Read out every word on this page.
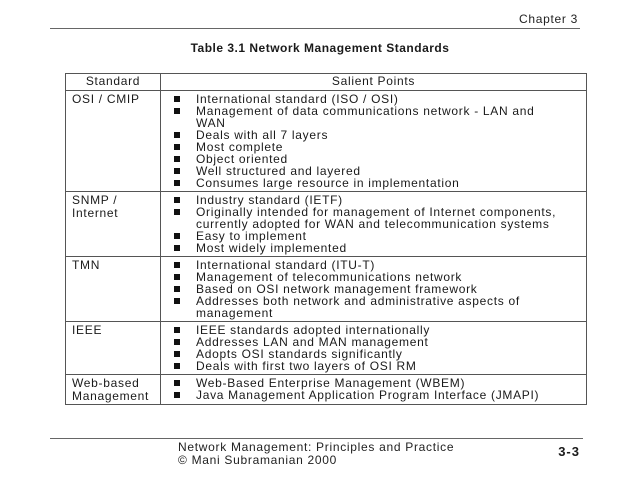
Chapter 3
Table 3.1 Network Management Standards
Standard	Salient Points
OSI / CMIP	International standard (ISO / OSI)
Management of data communications network - LAN and WAN
Deals with all 7 layers
Most complete
Object oriented
Well structured and layered
Consumes large resource in implementation

SNMP / Internet	Industry standard (IETF)
Originally intended for management of Internet components, currently adopted for WAN and telecommunication systems
Easy to implement
Most widely implemented

TMN	International standard (ITU-T)
Management of telecommunications network
Based on OSI network management framework
Addresses both network and administrative aspects of management

IEEE	IEEE standards adopted internationally
Addresses LAN and MAN management
Adopts OSI standards significantly
Deals with first two layers of OSI RM

Web-based Management	Web-Based Enterprise Management (WBEM)
Java Management Application Program Interface (JMAPI)
Network Management: Principles and Practice
© Mani Subramanian 2000
3-3
